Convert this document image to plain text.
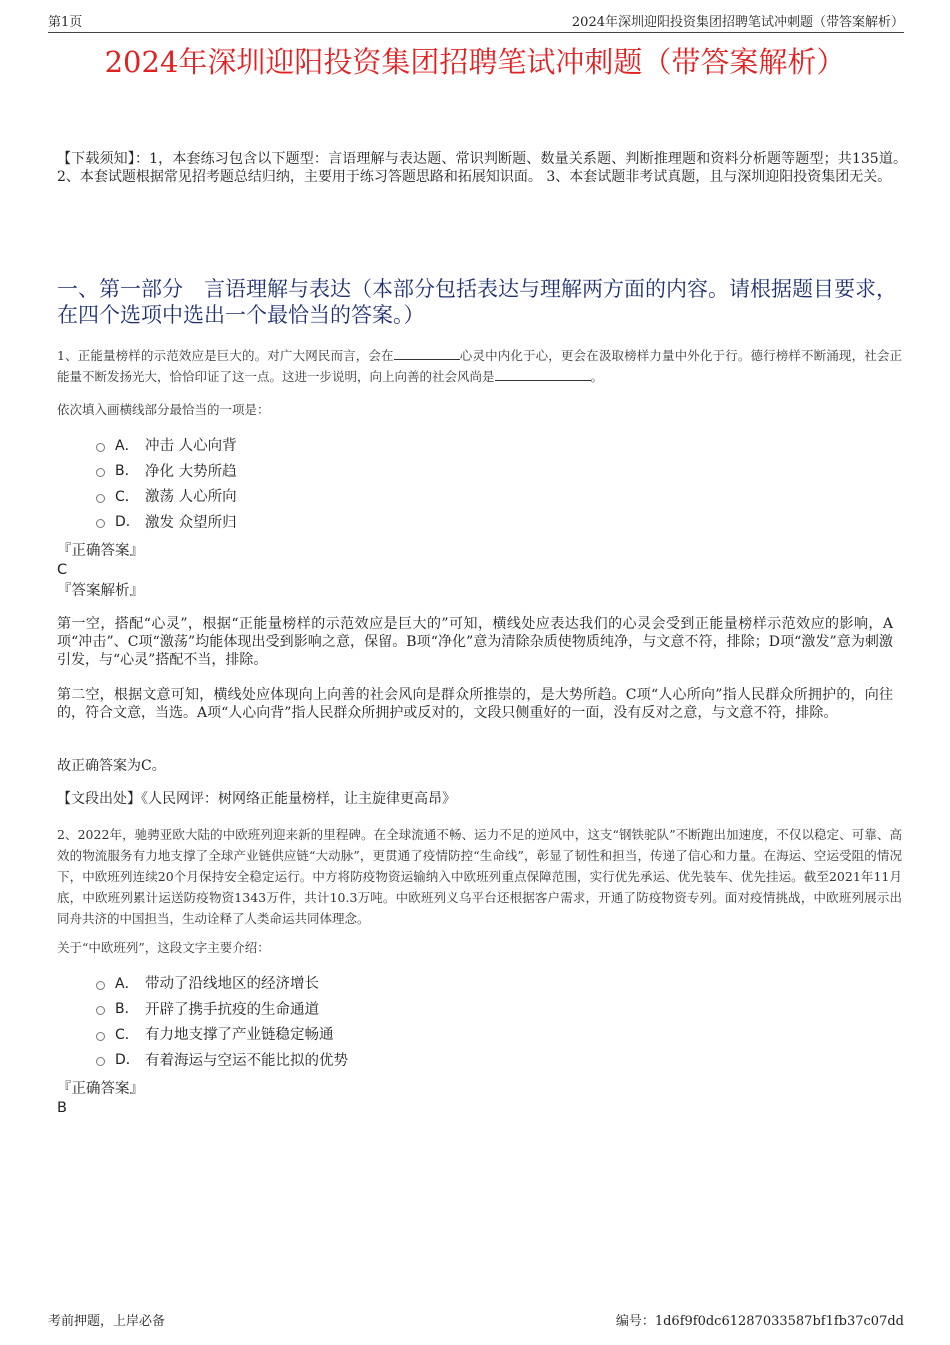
第1页	2024年深圳迎阳投资集团招聘笔试冲刺题（带答案解析）
2024年深圳迎阳投资集团招聘笔试冲刺题（带答案解析）
【下载须知】：1，本套练习包含以下题型：言语理解与表达题、常识判断题、数量关系题、判断推理题和资料分析题等题型；共135道。 2、本套试题根据常见招考题总结归纳，主要用于练习答题思路和拓展知识面。 3、本套试题非考试真题，且与深圳迎阳投资集团无关。
一、第一部分　言语理解与表达（本部分包括表达与理解两方面的内容。请根据题目要求，在四个选项中选出一个最恰当的答案。）
1、正能量榜样的示范效应是巨大的。对广大网民而言，会在	心灵中内化于心，更会在汲取榜样力量中外化于行。德行榜样不断涌现，社会正能量不断发扬光大，恰恰印证了这一点。这进一步说明，向上向善的社会风尚是	。
依次填入画横线部分最恰当的一项是：
A． 冲击 人心向背
B． 净化 大势所趋
C． 激荡 人心所向
D． 激发 众望所归
『正确答案』
C
『答案解析』
第一空，搭配“心灵”，根据“正能量榜样的示范效应是巨大的”可知，横线处应表达我们的心灵会受到正能量榜样示范效应的影响，A项“冲击”、C项“激荡”均能体现出受到影响之意，保留。B项“净化”意为清除杂质使物质纯净，与文意不符，排除；D项“激发”意为刺激引发，与“心灵”搭配不当，排除。
第二空，根据文意可知，横线处应体现向上向善的社会风向是群众所推崇的，是大势所趋。C项“人心所向”指人民群众所拥护的，向往的，符合文意，当选。A项“人心向背”指人民群众所拥护或反对的，文段只侧重好的一面，没有反对之意，与文意不符，排除。
故正确答案为C。
【文段出处】《人民网评：树网络正能量榜样，让主旋律更高昂》
2、2022年，驰骋亚欧大陆的中欧班列迎来新的里程碑。在全球流通不畅、运力不足的逆风中，这支“钢铁驼队”不断跑出加速度，不仅以稳定、可靠、高效的物流服务有力地支撑了全球产业链供应链“大动脉”，更贯通了疫情防控“生命线”，彰显了韧性和担当，传递了信心和力量。在海运、空运受阻的情况下，中欧班列连续20个月保持安全稳定运行。中方将防疫物资运输纳入中欧班列重点保障范围，实行优先承运、优先装车、优先挂运。截至2021年11月底，中欧班列累计运送防疫物资1343万件，共计10.3万吨。中欧班列义乌平台还根据客户需求，开通了防疫物资专列。面对疫情挑战，中欧班列展示出同舟共济的中国担当，生动诠释了人类命运共同体理念。
关于“中欧班列”，这段文字主要介绍：
A． 带动了沿线地区的经济增长
B． 开辟了携手抗疫的生命通道
C． 有力地支撑了产业链稳定畅通
D． 有着海运与空运不能比拟的优势
『正确答案』
B
考前押题，上岸必备	编号：1d6f9f0dc61287033587bf1fb37c07dd
